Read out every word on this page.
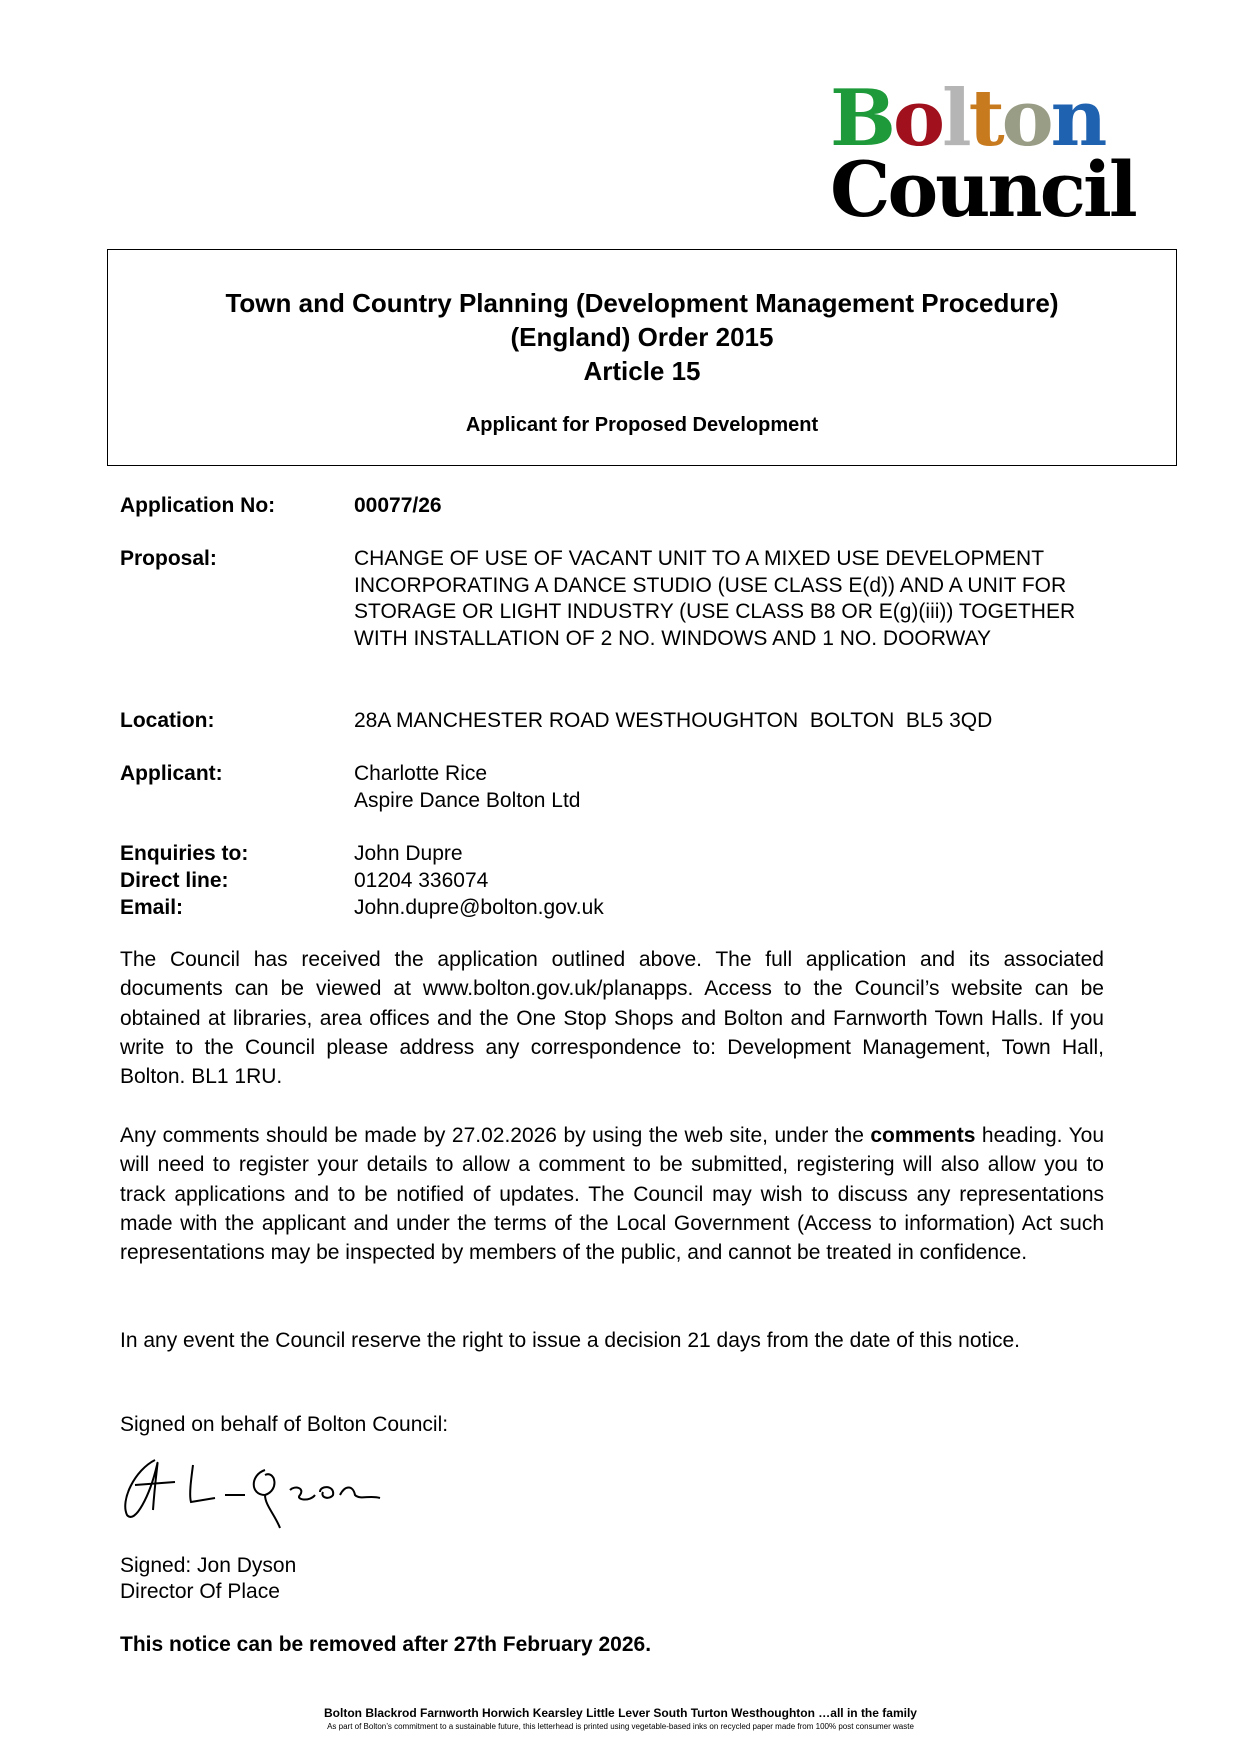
Bolton
Council
Town and Country Planning (Development Management Procedure)
(England) Order 2015
Article 15
Applicant for Proposed Development
Application No:	00077/26
Proposal:	CHANGE OF USE OF VACANT UNIT TO A MIXED USE DEVELOPMENT INCORPORATING A DANCE STUDIO (USE CLASS E(d)) AND A UNIT FOR STORAGE OR LIGHT INDUSTRY (USE CLASS B8 OR E(g)(iii)) TOGETHER WITH INSTALLATION OF 2 NO. WINDOWS AND 1 NO. DOORWAY
Location:	28A MANCHESTER ROAD WESTHOUGHTON  BOLTON  BL5 3QD
Applicant:	Charlotte Rice
Aspire Dance Bolton Ltd
Enquiries to:	John Dupre
Direct line:	01204 336074
Email:	John.dupre@bolton.gov.uk
The Council has received the application outlined above. The full application and its associated documents can be viewed at www.bolton.gov.uk/planapps. Access to the Council’s website can be obtained at libraries, area offices and the One Stop Shops and Bolton and Farnworth Town Halls. If you write to the Council please address any correspondence to: Development Management, Town Hall, Bolton. BL1 1RU.
Any comments should be made by 27.02.2026 by using the web site, under the comments heading. You will need to register your details to allow a comment to be submitted, registering will also allow you to track applications and to be notified of updates. The Council may wish to discuss any representations made with the applicant and under the terms of the Local Government (Access to information) Act such representations may be inspected by members of the public, and cannot be treated in confidence.
In any event the Council reserve the right to issue a decision 21 days from the date of this notice.
Signed on behalf of Bolton Council:
Signed: Jon Dyson
Director Of Place
This notice can be removed after 27th February 2026.
Bolton Blackrod Farnworth Horwich Kearsley Little Lever South Turton Westhoughton …all in the family
As part of Bolton’s commitment to a sustainable future, this letterhead is printed using vegetable-based inks on recycled paper made from 100% post consumer waste
